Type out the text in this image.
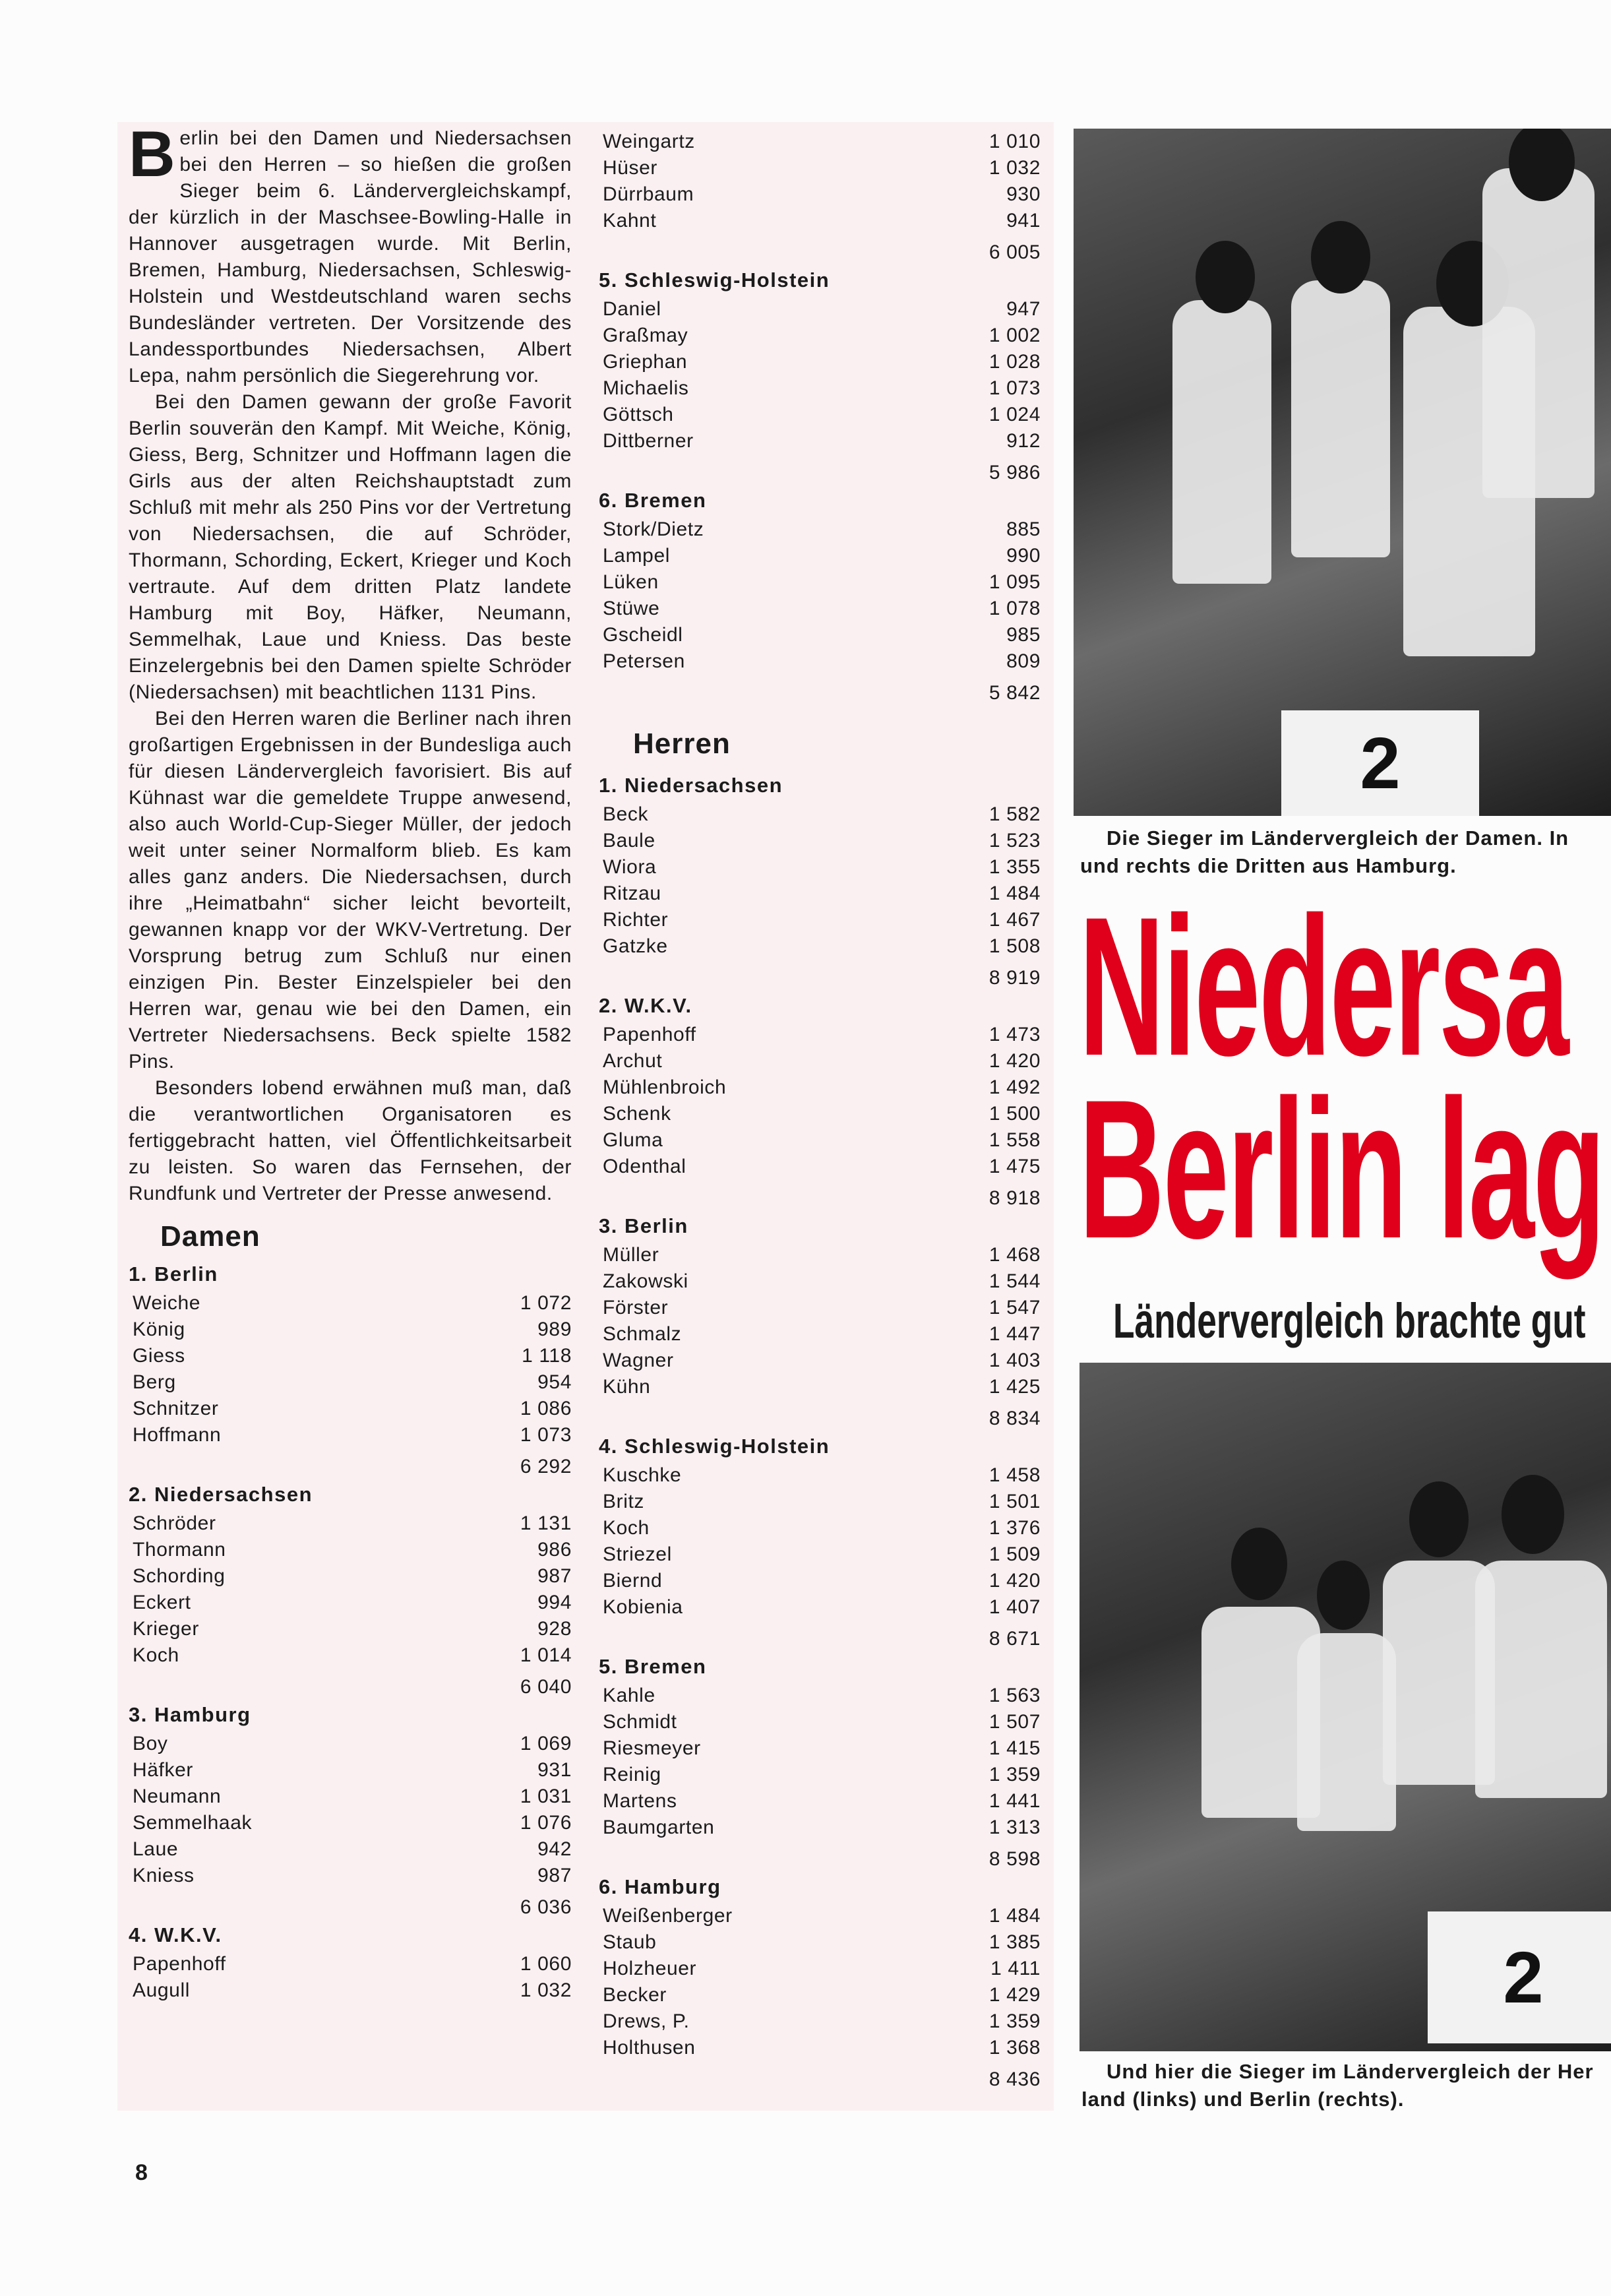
Berlin bei den Damen und Niedersachsen bei den Herren – so hießen die großen Sieger beim 6. Ländervergleichskampf, der kürzlich in der Maschsee-Bowling-Halle in Hannover ausgetragen wurde. Mit Berlin, Bremen, Hamburg, Niedersachsen, Schleswig-Holstein und Westdeutschland waren sechs Bundesländer vertreten. Der Vorsitzende des Landessportbundes Niedersachsen, Albert Lepa, nahm persönlich die Siegerehrung vor.

Bei den Damen gewann der große Favorit Berlin souverän den Kampf. Mit Weiche, König, Giess, Berg, Schnitzer und Hoffmann lagen die Girls aus der alten Reichshauptstadt zum Schluß mit mehr als 250 Pins vor der Vertretung von Niedersachsen, die auf Schröder, Thormann, Schording, Eckert, Krieger und Koch vertraute. Auf dem dritten Platz landete Hamburg mit Boy, Häfker, Neumann, Semmelhak, Laue und Kniess. Das beste Einzelergebnis bei den Damen spielte Schröder (Niedersachsen) mit beachtlichen 1131 Pins.

Bei den Herren waren die Berliner nach ihren großartigen Ergebnissen in der Bundesliga auch für diesen Ländervergleich favorisiert. Bis auf Kühnast war die gemeldete Truppe anwesend, also auch World-Cup-Sieger Müller, der jedoch weit unter seiner Normalform blieb. Es kam alles ganz anders. Die Niedersachsen, durch ihre „Heimatbahn“ sicher leicht bevorteilt, gewannen knapp vor der WKV-Vertretung. Der Vorsprung betrug zum Schluß nur einen einzigen Pin. Bester Einzelspieler bei den Herren war, genau wie bei den Damen, ein Vertreter Niedersachsens. Beck spielte 1582 Pins.

Besonders lobend erwähnen muß man, daß die verantwortlichen Organisatoren es fertiggebracht hatten, viel Öffentlichkeitsarbeit zu leisten. So waren das Fernsehen, der Rundfunk und Vertreter der Presse anwesend.

Damen
1. Berlin
Weiche	1 072
König	989
Giess	1 118
Berg	954
Schnitzer	1 086
Hoffmann	1 073
6 292
2. Niedersachsen
Schröder	1 131
Thormann	986
Schording	987
Eckert	994
Krieger	928
Koch	1 014
6 040
3. Hamburg
Boy	1 069
Häfker	931
Neumann	1 031
Semmelhaak	1 076
Laue	942
Kniess	987
6 036
4. W.K.V.
Papenhoff	1 060
Augull	1 032
Weingartz	1 010
Hüser	1 032
Dürrbaum	930
Kahnt	941
6 005
5. Schleswig-Holstein
Daniel	947
Graßmay	1 002
Griephan	1 028
Michaelis	1 073
Göttsch	1 024
Dittberner	912
5 986
6. Bremen
Stork/Dietz	885
Lampel	990
Lüken	1 095
Stüwe	1 078
Gscheidl	985
Petersen	809
5 842
Herren
1. Niedersachsen
Beck	1 582
Baule	1 523
Wiora	1 355
Ritzau	1 484
Richter	1 467
Gatzke	1 508
8 919
2. W.K.V.
Papenhoff	1 473
Archut	1 420
Mühlenbroich	1 492
Schenk	1 500
Gluma	1 558
Odenthal	1 475
8 918
3. Berlin
Müller	1 468
Zakowski	1 544
Förster	1 547
Schmalz	1 447
Wagner	1 403
Kühn	1 425
8 834
4. Schleswig-Holstein
Kuschke	1 458
Britz	1 501
Koch	1 376
Striezel	1 509
Biernd	1 420
Kobienia	1 407
8 671
5. Bremen
Kahle	1 563
Schmidt	1 507
Riesmeyer	1 415
Reinig	1 359
Martens	1 441
Baumgarten	1 313
8 598
6. Hamburg
Weißenberger	1 484
Staub	1 385
Holzheuer	1 411
Becker	1 429
Drews, P.	1 359
Holthusen	1 368
8 436
2
Die Sieger im Ländervergleich der Damen. In
und rechts die Dritten aus Hamburg.
Niedersa
Berlin lag
Ländervergleich brachte gut
2
Und hier die Sieger im Ländervergleich der Her
land (links) und Berlin (rechts).
8
